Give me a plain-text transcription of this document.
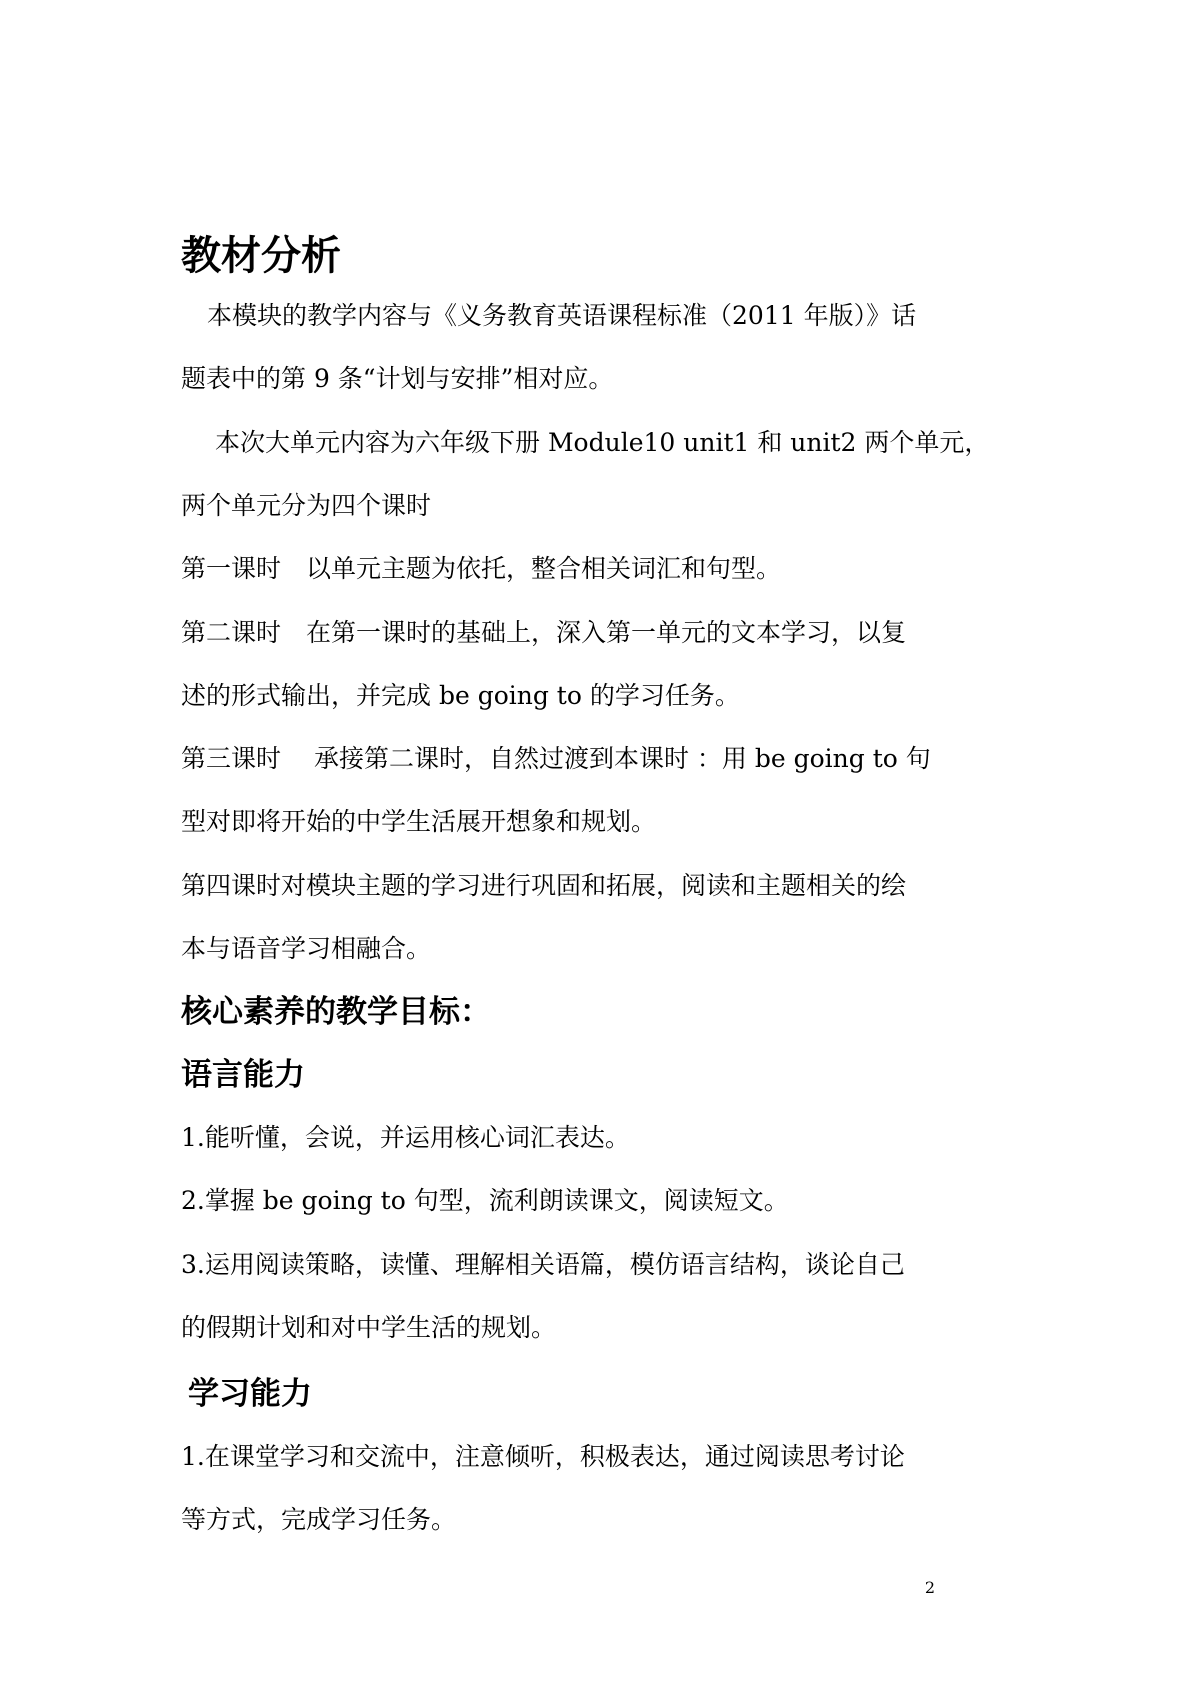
教材分析
本模块的教学内容与《义务教育英语课程标准（2011 年版）》话
题表中的第 9 条“计划与安排”相对应。
本次大单元内容为六年级下册 Module10 unit1 和 unit2 两个单元，
两个单元分为四个课时
第一课时　以单元主题为依托，整合相关词汇和句型。
第二课时　在第一课时的基础上，深入第一单元的文本学习，以复
述的形式输出，并完成 be going to 的学习任务。
第三课时　 承接第二课时，自然过渡到本课时 ：用 be going to 句
型对即将开始的中学生活展开想象和规划。
第四课时对模块主题的学习进行巩固和拓展，阅读和主题相关的绘
本与语音学习相融合。
核心素养的教学目标：
语言能力
1.能听懂，会说，并运用核心词汇表达。
2.掌握 be going to 句型，流利朗读课文，阅读短文。
3.运用阅读策略，读懂、理解相关语篇，模仿语言结构，谈论自己
的假期计划和对中学生活的规划。
学习能力
1.在课堂学习和交流中，注意倾听，积极表达，通过阅读思考讨论
等方式，完成学习任务。
2
